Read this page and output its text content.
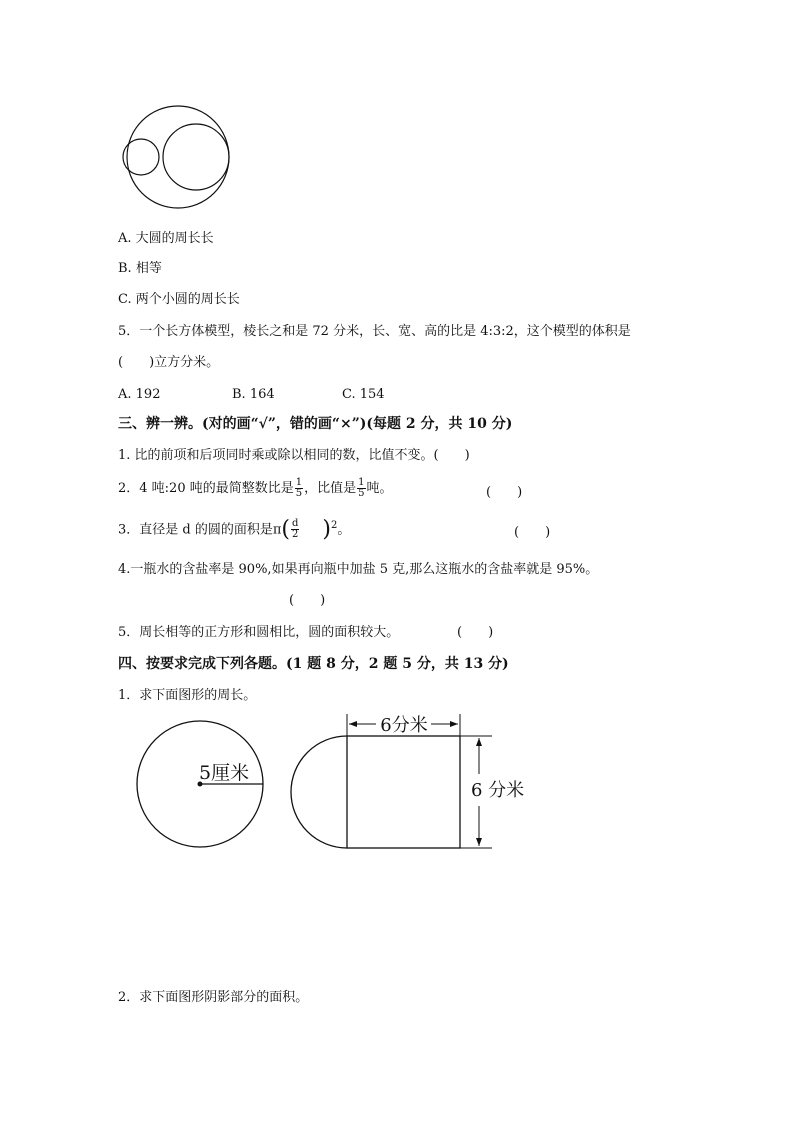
A. 大圆的周长长
B. 相等
C. 两个小圆的周长长
5．一个长方体模型，棱长之和是 72 分米，长、宽、高的比是 4:3:2，这个模型的体积是
(　　)立方分米。
A. 192	B. 164	C. 154
三、辨一辨。(对的画“√”，错的画“×”)(每题 2 分，共 10 分)
1. 比的前项和后项同时乘或除以相同的数，比值不变。(　　)
2．4 吨:20 吨的最简整数比是 $\frac{1}{5}$ ，比值是 $\frac{1}{5}$ 吨。	(　　)
3．直径是 d 的圆的面积是$\pi( \frac{d}{2} )^2$。	(　　)
4.一瓶水的含盐率是 90%,如果再向瓶中加盐 5 克,那么这瓶水的含盐率就是 95%。
(　　)
5．周长相等的正方形和圆相比，圆的面积较大。	(　　)
四、按要求完成下列各题。(1 题 8 分，2 题 5 分，共 13 分)
1．求下面图形的周长。
5厘米
6分米
6 分米
2．求下面图形阴影部分的面积。
